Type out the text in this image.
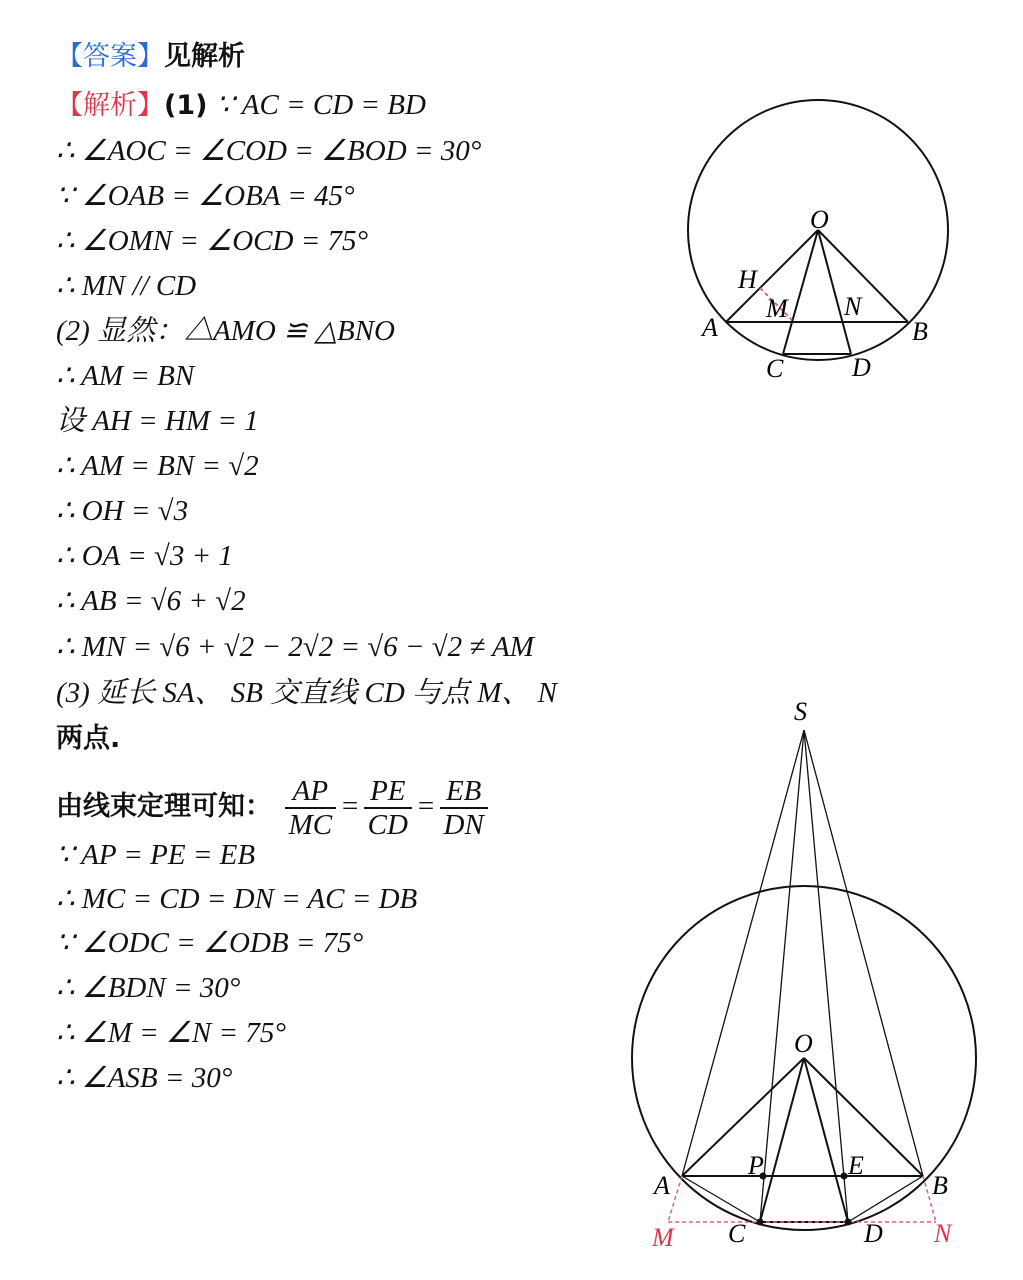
【答案】见解析
【解析】(1) ∵ AC = CD = BD
∴ ∠AOC = ∠COD = ∠BOD = 30°
∵ ∠OAB = ∠OBA = 45°
∴ ∠OMN = ∠OCD = 75°
∴ MN // CD
(2) 显然：△AMO ≌ △BNO
∴ AM = BN
设 AH = HM = 1
∴ AM = BN = √2
∴ OH = √3
∴ OA = √3 + 1
∴ AB = √6 + √2
∴ MN = √6 + √2 − 2√2 = √6 − √2 ≠ AM
(3) 延长 SA、 SB 交直线 CD 与点 M、 N
两点.
由线束定理可知： $\frac{AP}{MC} = \frac{PE}{CD} = \frac{EB}{DN}$
∵ AP = PE = EB
∴ MC = CD = DN = AC = DB
∵ ∠ODC = ∠ODB = 75°
∴ ∠BDN = 30°
∴ ∠M = ∠N = 75°
∴ ∠ASB = 30°
O
H
M N
A	B
C	D
S
O
P	E
A	B
C	D
M	N
